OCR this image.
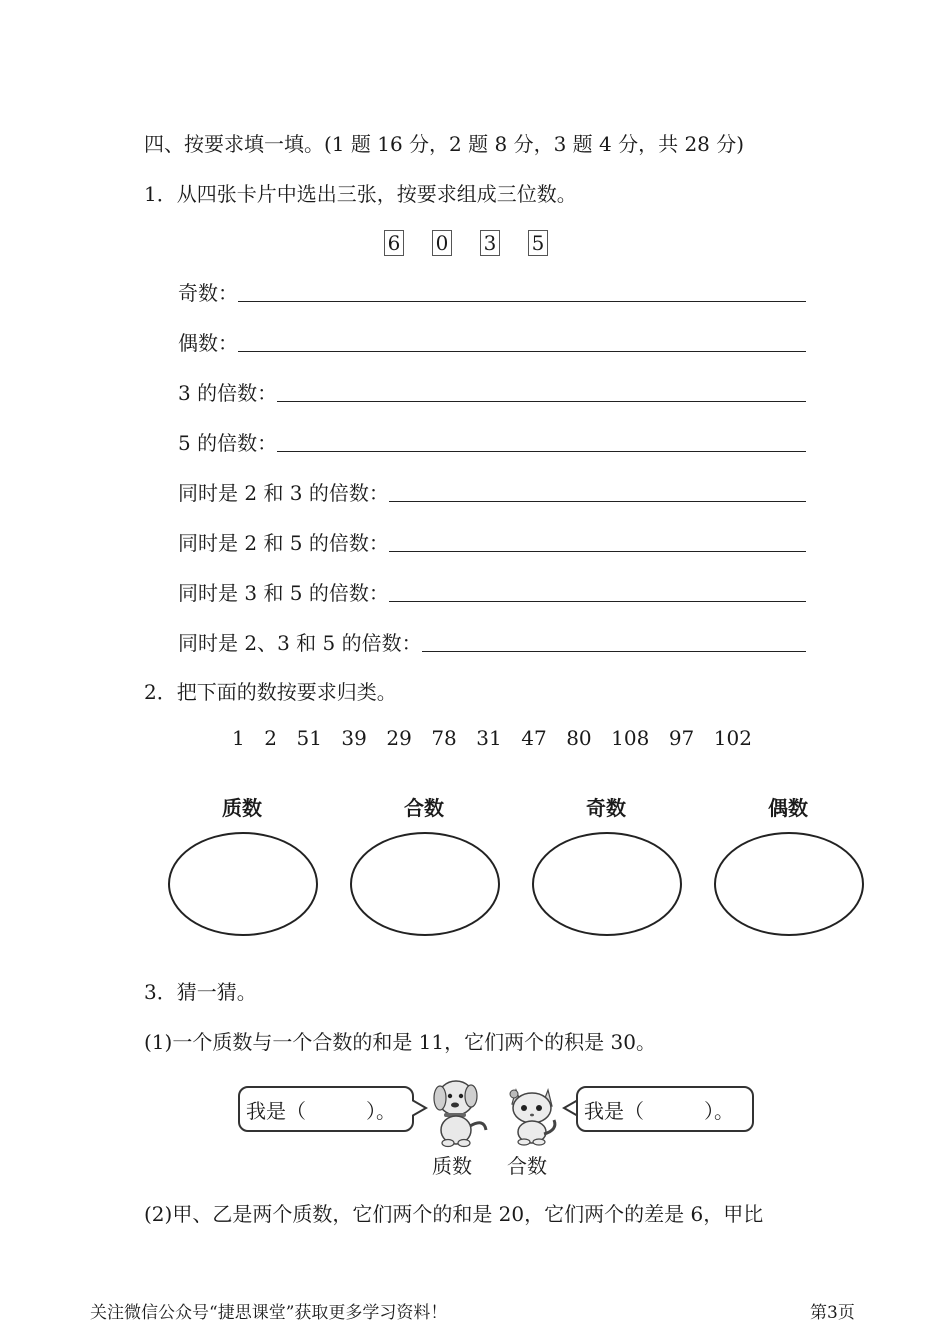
四、按要求填一填。(1 题 16 分，2 题 8 分，3 题 4 分，共 28 分)
1．从四张卡片中选出三张，按要求组成三位数。
6 0 3 5
奇数：
偶数：
3 的倍数：
5 的倍数：
同时是 2 和 3 的倍数：
同时是 2 和 5 的倍数：
同时是 3 和 5 的倍数：
同时是 2、3 和 5 的倍数：
2．把下面的数按要求归类。
1 2 51 39 29 78 31 47 80 108 97 102
质数	合数	奇数	偶数
3．猜一猜。
(1)一个质数与一个合数的和是 11，它们两个的积是 30。
我是（　　　）。	我是（　　　）。
质数 合数
(2)甲、乙是两个质数，它们两个的和是 20，它们两个的差是 6，甲比
关注微信公众号“捷思课堂”获取更多学习资料！	第3页
